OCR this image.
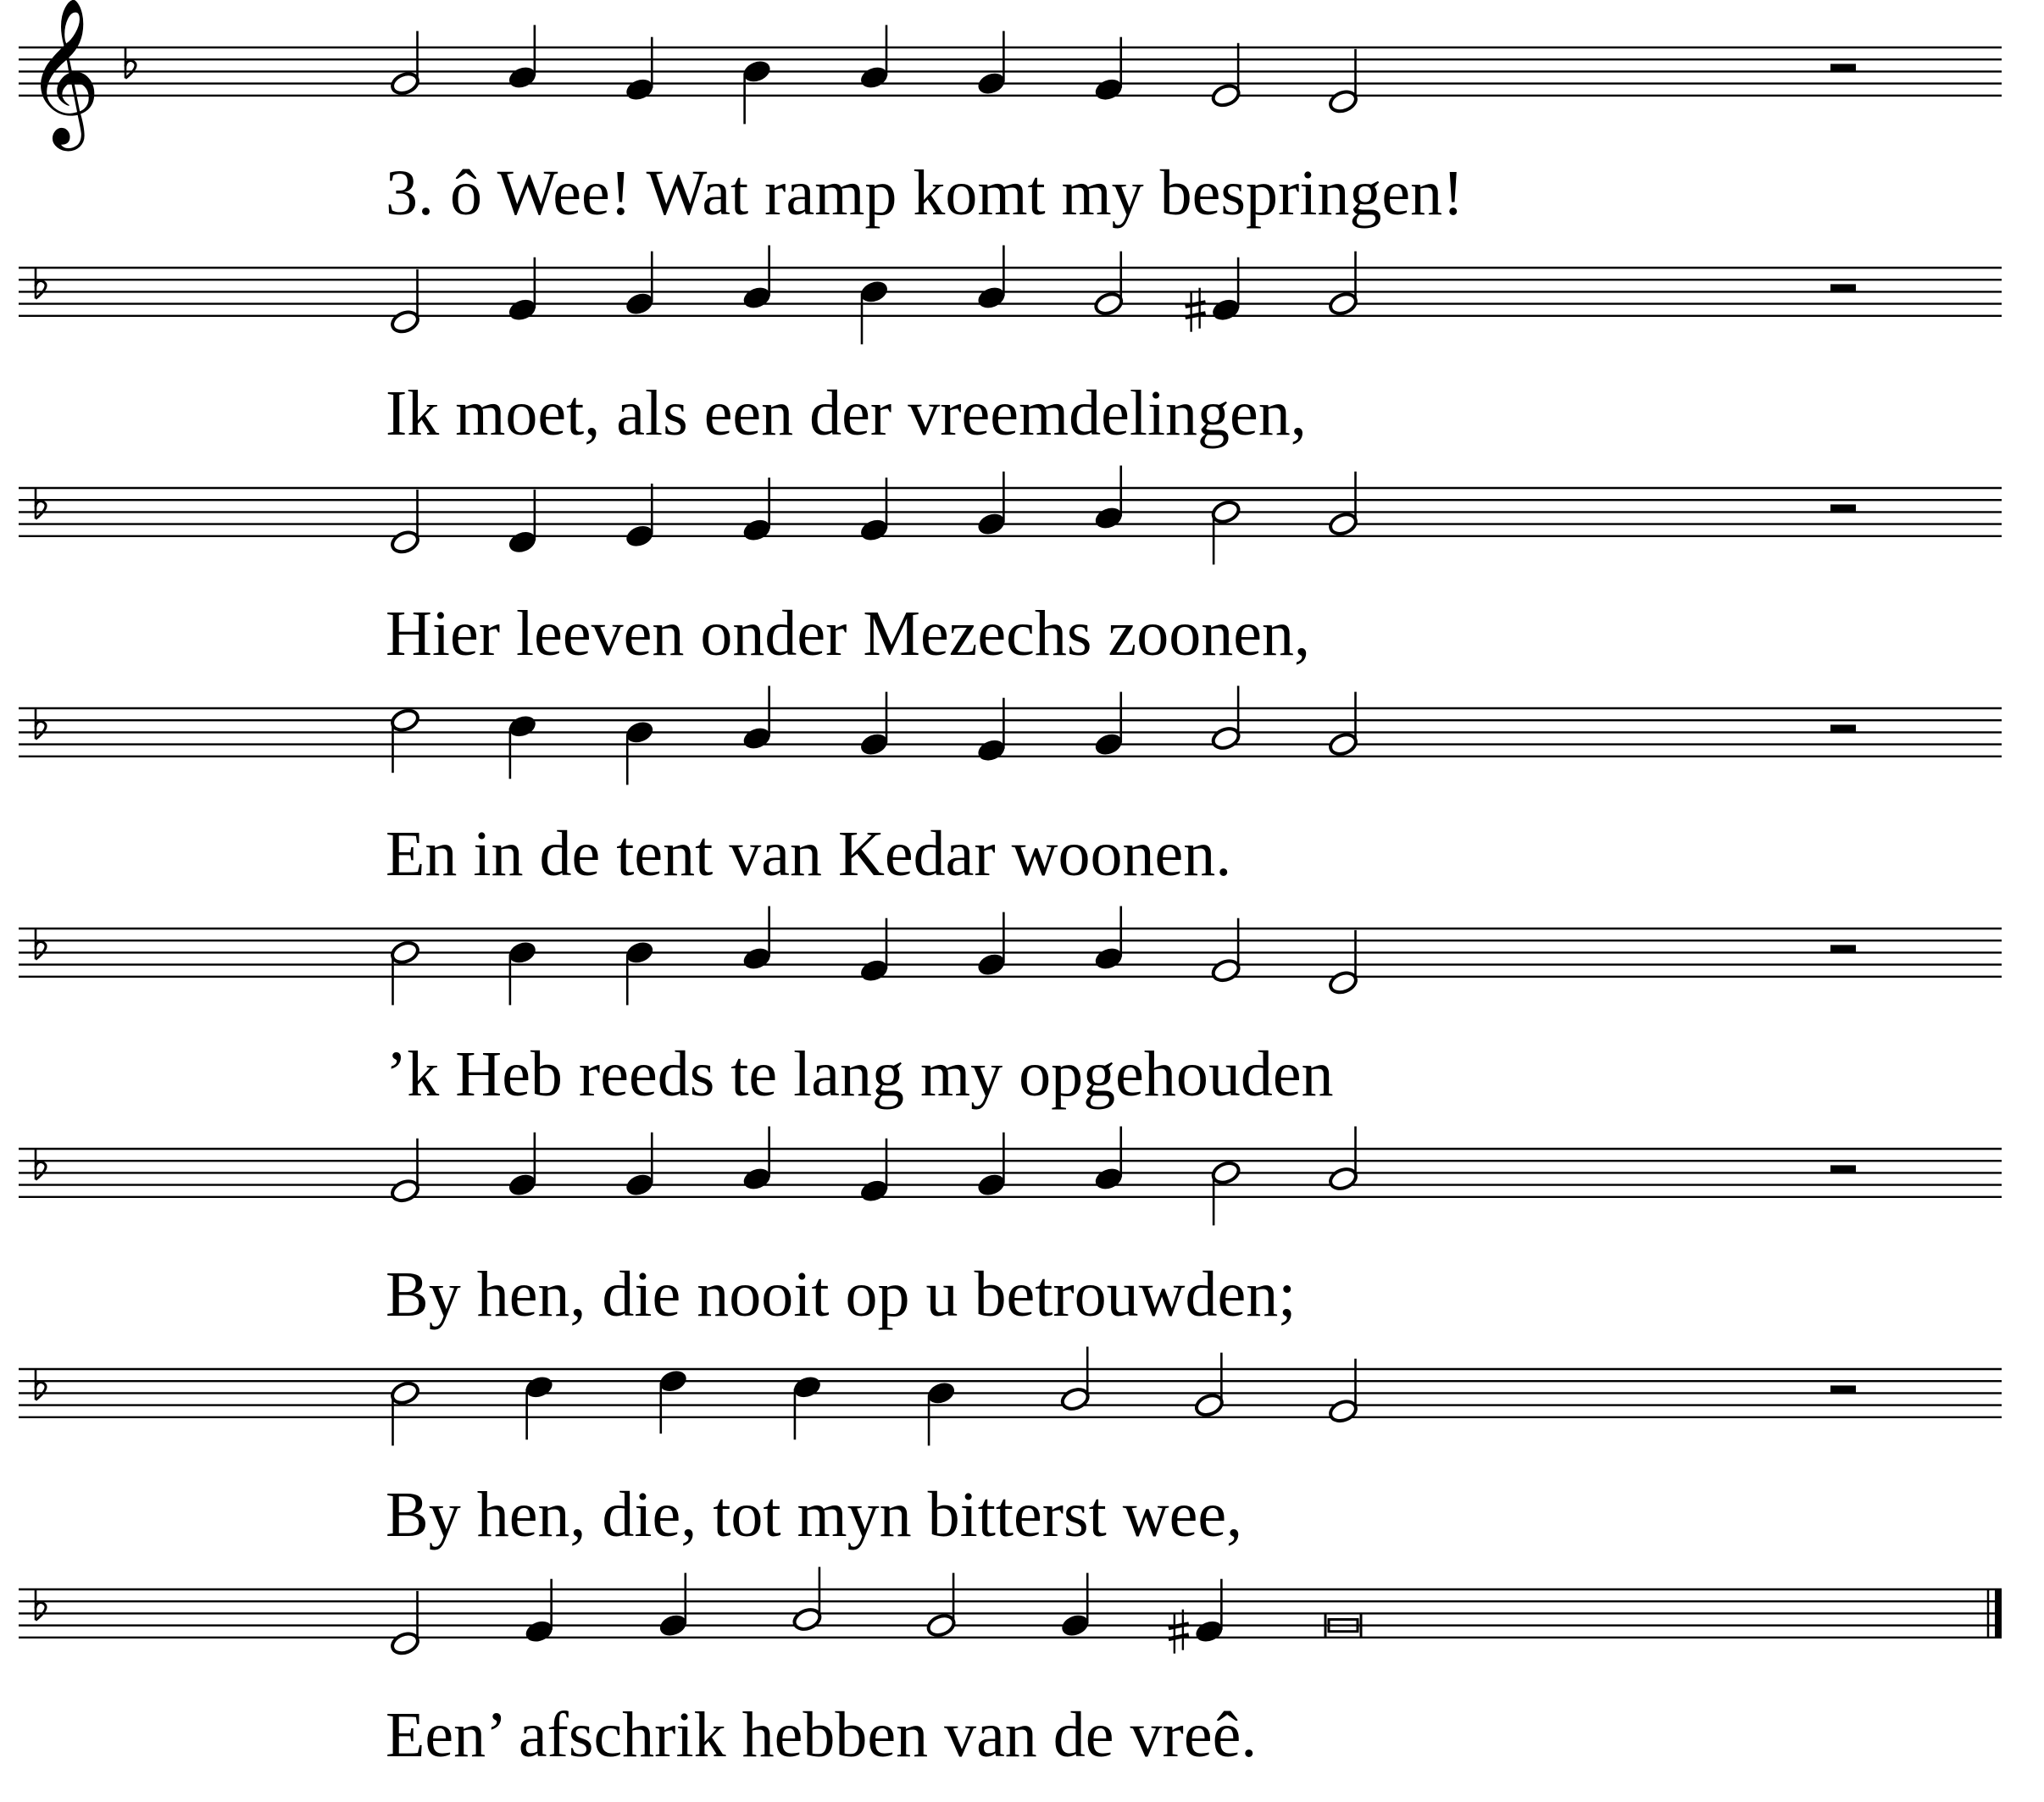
𝄞
3. ô Wee! Wat ramp komt my bespringen!
Ik moet, als een der vreemdelingen,
Hier leeven onder Mezechs zoonen,
En in de tent van Kedar woonen.
’k Heb reeds te lang my opgehouden
By hen, die nooit op u betrouwden;
By hen, die, tot myn bitterst wee,
Een’ afschrik hebben van de vreê.
